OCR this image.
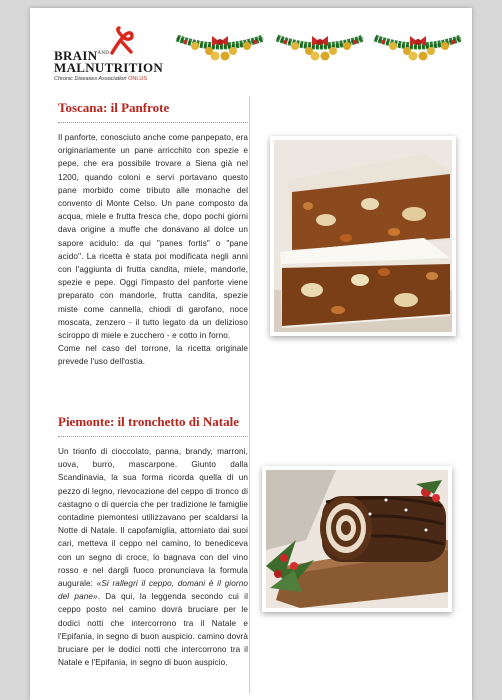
$BRAIN^{AND}$
MALNUTRITION
Chronic Diseases Association ONLUS
Toscana: il Panfrote

Il panforte, conosciuto anche come panpepato, era originariamente un pane arricchito con spezie e pepe, che era possibile trovare a Siena già nel 1200, quando coloni e servi portavano questo pane morbido come tributo alle monache del convento di Monte Celso. Un pane composto da acqua, miele e frutta fresca che, dopo pochi giorni dava origine a muffe che donavano al dolce un sapore acidulo: da qui "panes fortis" o "pane acido". La ricetta è stata poi modificata negli anni con l'aggiunta di frutta candita, miele, mandorle, spezie e pepe. Oggi l'impasto del panforte viene preparato con mandorle, frutta candita, spezie miste come cannella, chiodi di garofano, noce moscata, zenzero - il tutto legato da un delizioso sciroppo di miele e zucchero - e cotto in forno.

Come nel caso del torrone, la ricetta originale prevede l'uso dell'ostia.

Piemonte: il tronchetto di Natale

Un trionfo di cioccolato, panna, brandy, marroni, uova, burro, mascarpone. Giunto dalla Scandinavia, la sua forma ricorda quella di un pezzo di legno, rievocazione del ceppo di tronco di castagno o di quercia che per tradizione le famiglie contadine piemontesi utilizzavano per scaldarsi la Notte di Natale. Il capofamiglia, attorniato dai suoi cari, metteva il ceppo nel camino, lo benediceva con un segno di croce, lo bagnava con del vino rosso e nel dargli fuoco pronunciava la formula augurale: «Si rallegri il ceppo, domani è il giorno del pane». Da qui, la leggenda secondo cui il ceppo posto nel camino dovrà bruciare per le dodici notti che intercorrono tra il Natale e l'Epifania, in segno di buon auspicio. camino dovrà bruciare per le dodici notti che intercorrono tra il Natale e l'Epifania, in segno di buon auspicio.
